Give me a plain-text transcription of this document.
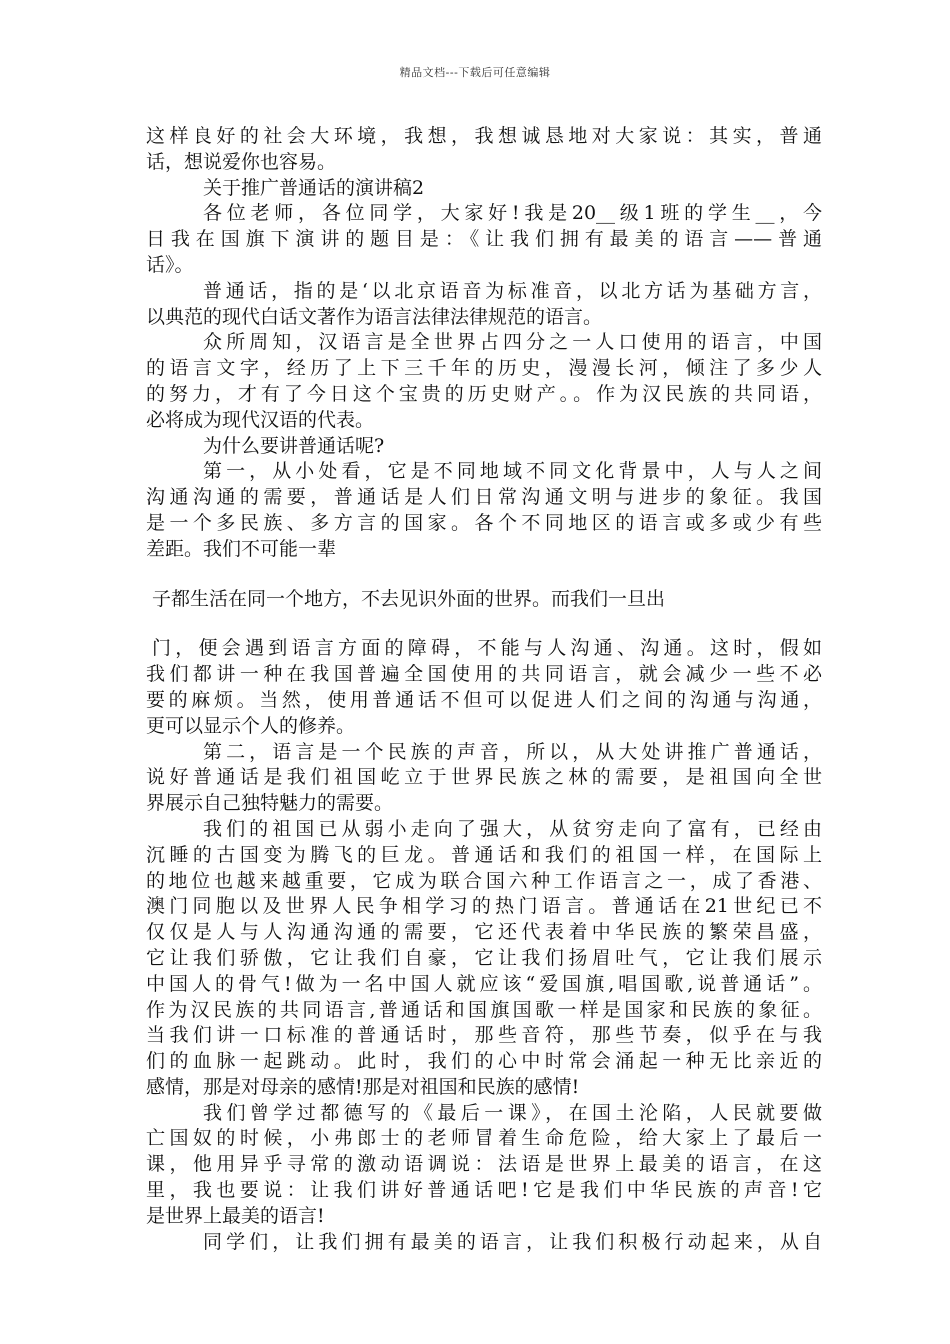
精品文档---下载后可任意编辑
这样良好的社会大环境，我想，我想诚恳地对大家说：其实，普通
话，想说爱你也容易。
关于推广普通话的演讲稿2
各位老师，各位同学，大家好!我是20__级1班的学生__，今
日我在国旗下演讲的题目是：《让我们拥有最美的语言——普通
话》。
普通话，指的是‘以北京语音为标准音，以北方话为基础方言，
以典范的现代白话文著作为语言法律法律规范的语言。
众所周知，汉语言是全世界占四分之一人口使用的语言，中国
的语言文字，经历了上下三千年的历史，漫漫长河，倾注了多少人
的努力，才有了今日这个宝贵的历史财产。。作为汉民族的共同语，
必将成为现代汉语的代表。
为什么要讲普通话呢?
第一，从小处看，它是不同地域不同文化背景中，人与人之间
沟通沟通的需要，普通话是人们日常沟通文明与进步的象征。我国
是一个多民族、多方言的国家。各个不同地区的语言或多或少有些
差距。我们不可能一辈
子都生活在同一个地方，不去见识外面的世界。而我们一旦出
门，便会遇到语言方面的障碍，不能与人沟通、沟通。这时，假如
我们都讲一种在我国普遍全国使用的共同语言，就会减少一些不必
要的麻烦。当然，使用普通话不但可以促进人们之间的沟通与沟通，
更可以显示个人的修养。
第二，语言是一个民族的声音，所以，从大处讲推广普通话，
说好普通话是我们祖国屹立于世界民族之林的需要，是祖国向全世
界展示自己独特魅力的需要。
我们的祖国已从弱小走向了强大，从贫穷走向了富有，已经由
沉睡的古国变为腾飞的巨龙。普通话和我们的祖国一样，在国际上
的地位也越来越重要，它成为联合国六种工作语言之一，成了香港、
澳门同胞以及世界人民争相学习的热门语言。普通话在21世纪已不
仅仅是人与人沟通沟通的需要，它还代表着中华民族的繁荣昌盛，
它让我们骄傲，它让我们自豪，它让我们扬眉吐气，它让我们展示
中国人的骨气!做为一名中国人就应该“爱国旗,唱国歌,说普通话”。
作为汉民族的共同语言,普通话和国旗国歌一样是国家和民族的象征。
当我们讲一口标准的普通话时，那些音符，那些节奏，似乎在与我
们的血脉一起跳动。此时，我们的心中时常会涌起一种无比亲近的
感情，那是对母亲的感情!那是对祖国和民族的感情!
我们曾学过都德写的《最后一课》，在国土沦陷，人民就要做
亡国奴的时候，小弗郎士的老师冒着生命危险，给大家上了最后一
课，他用异乎寻常的激动语调说：法语是世界上最美的语言，在这
里，我也要说：让我们讲好普通话吧!它是我们中华民族的声音!它
是世界上最美的语言!
同学们，让我们拥有最美的语言，让我们积极行动起来，从自
